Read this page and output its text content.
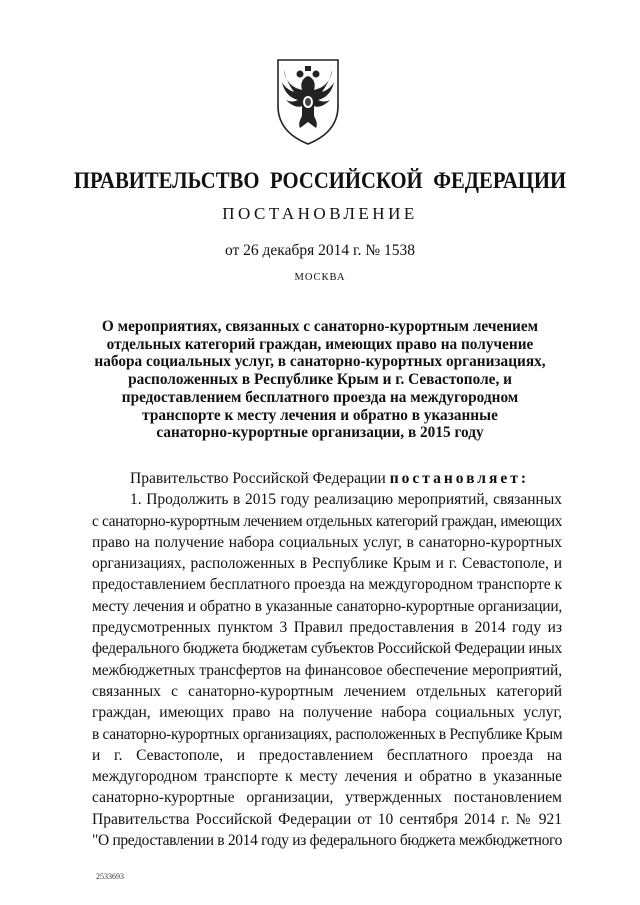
ПРАВИТЕЛЬСТВО РОССИЙСКОЙ ФЕДЕРАЦИИ
ПОСТАНОВЛЕНИЕ
от 26 декабря 2014 г. № 1538
МОСКВА
О мероприятиях, связанных с санаторно-курортным лечением
отдельных категорий граждан, имеющих право на получение
набора социальных услуг, в санаторно-курортных организациях,
расположенных в Республике Крым и г. Севастополе, и
предоставлением бесплатного проезда на междугородном
транспорте к месту лечения и обратно в указанные
санаторно-курортные организации, в 2015 году
Правительство Российской Федерации постановляет:
1. Продолжить в 2015 году реализацию мероприятий, связанных
с санаторно-курортным лечением отдельных категорий граждан, имеющих
право на получение набора социальных услуг, в санаторно-курортных
организациях, расположенных в Республике Крым и г. Севастополе, и
предоставлением бесплатного проезда на междугородном транспорте к
месту лечения и обратно в указанные санаторно-курортные организации,
предусмотренных пунктом 3 Правил предоставления в 2014 году из
федерального бюджета бюджетам субъектов Российской Федерации иных
межбюджетных трансфертов на финансовое обеспечение мероприятий,
связанных с санаторно-курортным лечением отдельных категорий
граждан, имеющих право на получение набора социальных услуг,
в санаторно-курортных организациях, расположенных в Республике Крым
и г. Севастополе, и предоставлением бесплатного проезда на
междугородном транспорте к месту лечения и обратно в указанные
санаторно-курортные организации, утвержденных постановлением
Правительства Российской Федерации от 10 сентября 2014 г. № 921
"О предоставлении в 2014 году из федерального бюджета межбюджетного
2533693
